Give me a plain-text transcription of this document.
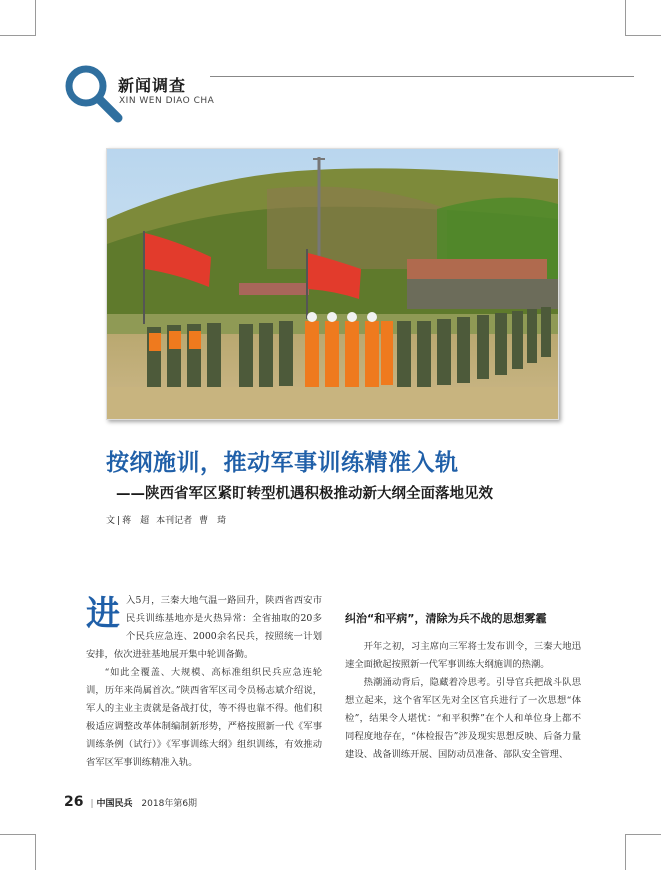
新闻调查
XIN WEN DIAO CHA
按纲施训，推动军事训练精准入轨
——陕西省军区紧盯转型机遇积极推动新大纲全面落地见效
文 | 蒋　超 本刊记者 曹　琦
进 入5月，三秦大地气温一路回升，陕西省西安市民兵训练基地亦是火热异常：全省抽取的20多个民兵应急连、2000余名民兵，按照统一计划安排，依次进驻基地展开集中轮训备勤。

“如此全覆盖、大规模、高标准组织民兵应急连轮训，历年来尚属首次。”陕西省军区司令员杨志斌介绍说，军人的主业主责就是备战打仗，等不得也靠不得。他们积极适应调整改革体制编制新形势，严格按照新一代《军事训练条例（试行）》《军事训练大纲》组织训练，有效推动省军区军事训练精准入轨。

纠治“和平病”，清除为兵不战的思想雾霾

开年之初，习主席向三军将士发布训令，三秦大地迅速全面掀起按照新一代军事训练大纲施训的热潮。

热潮涌动背后，隐藏着冷思考。引导官兵把战斗队思想立起来，这个省军区先对全区官兵进行了一次思想“体检”，结果令人堪忧：“和平积弊”在个人和单位身上都不同程度地存在，“体检报告”涉及现实思想反映、后备力量建设、战备训练开展、国防动员准备、部队安全管理、

26 | 中国民兵 2018年第6期
